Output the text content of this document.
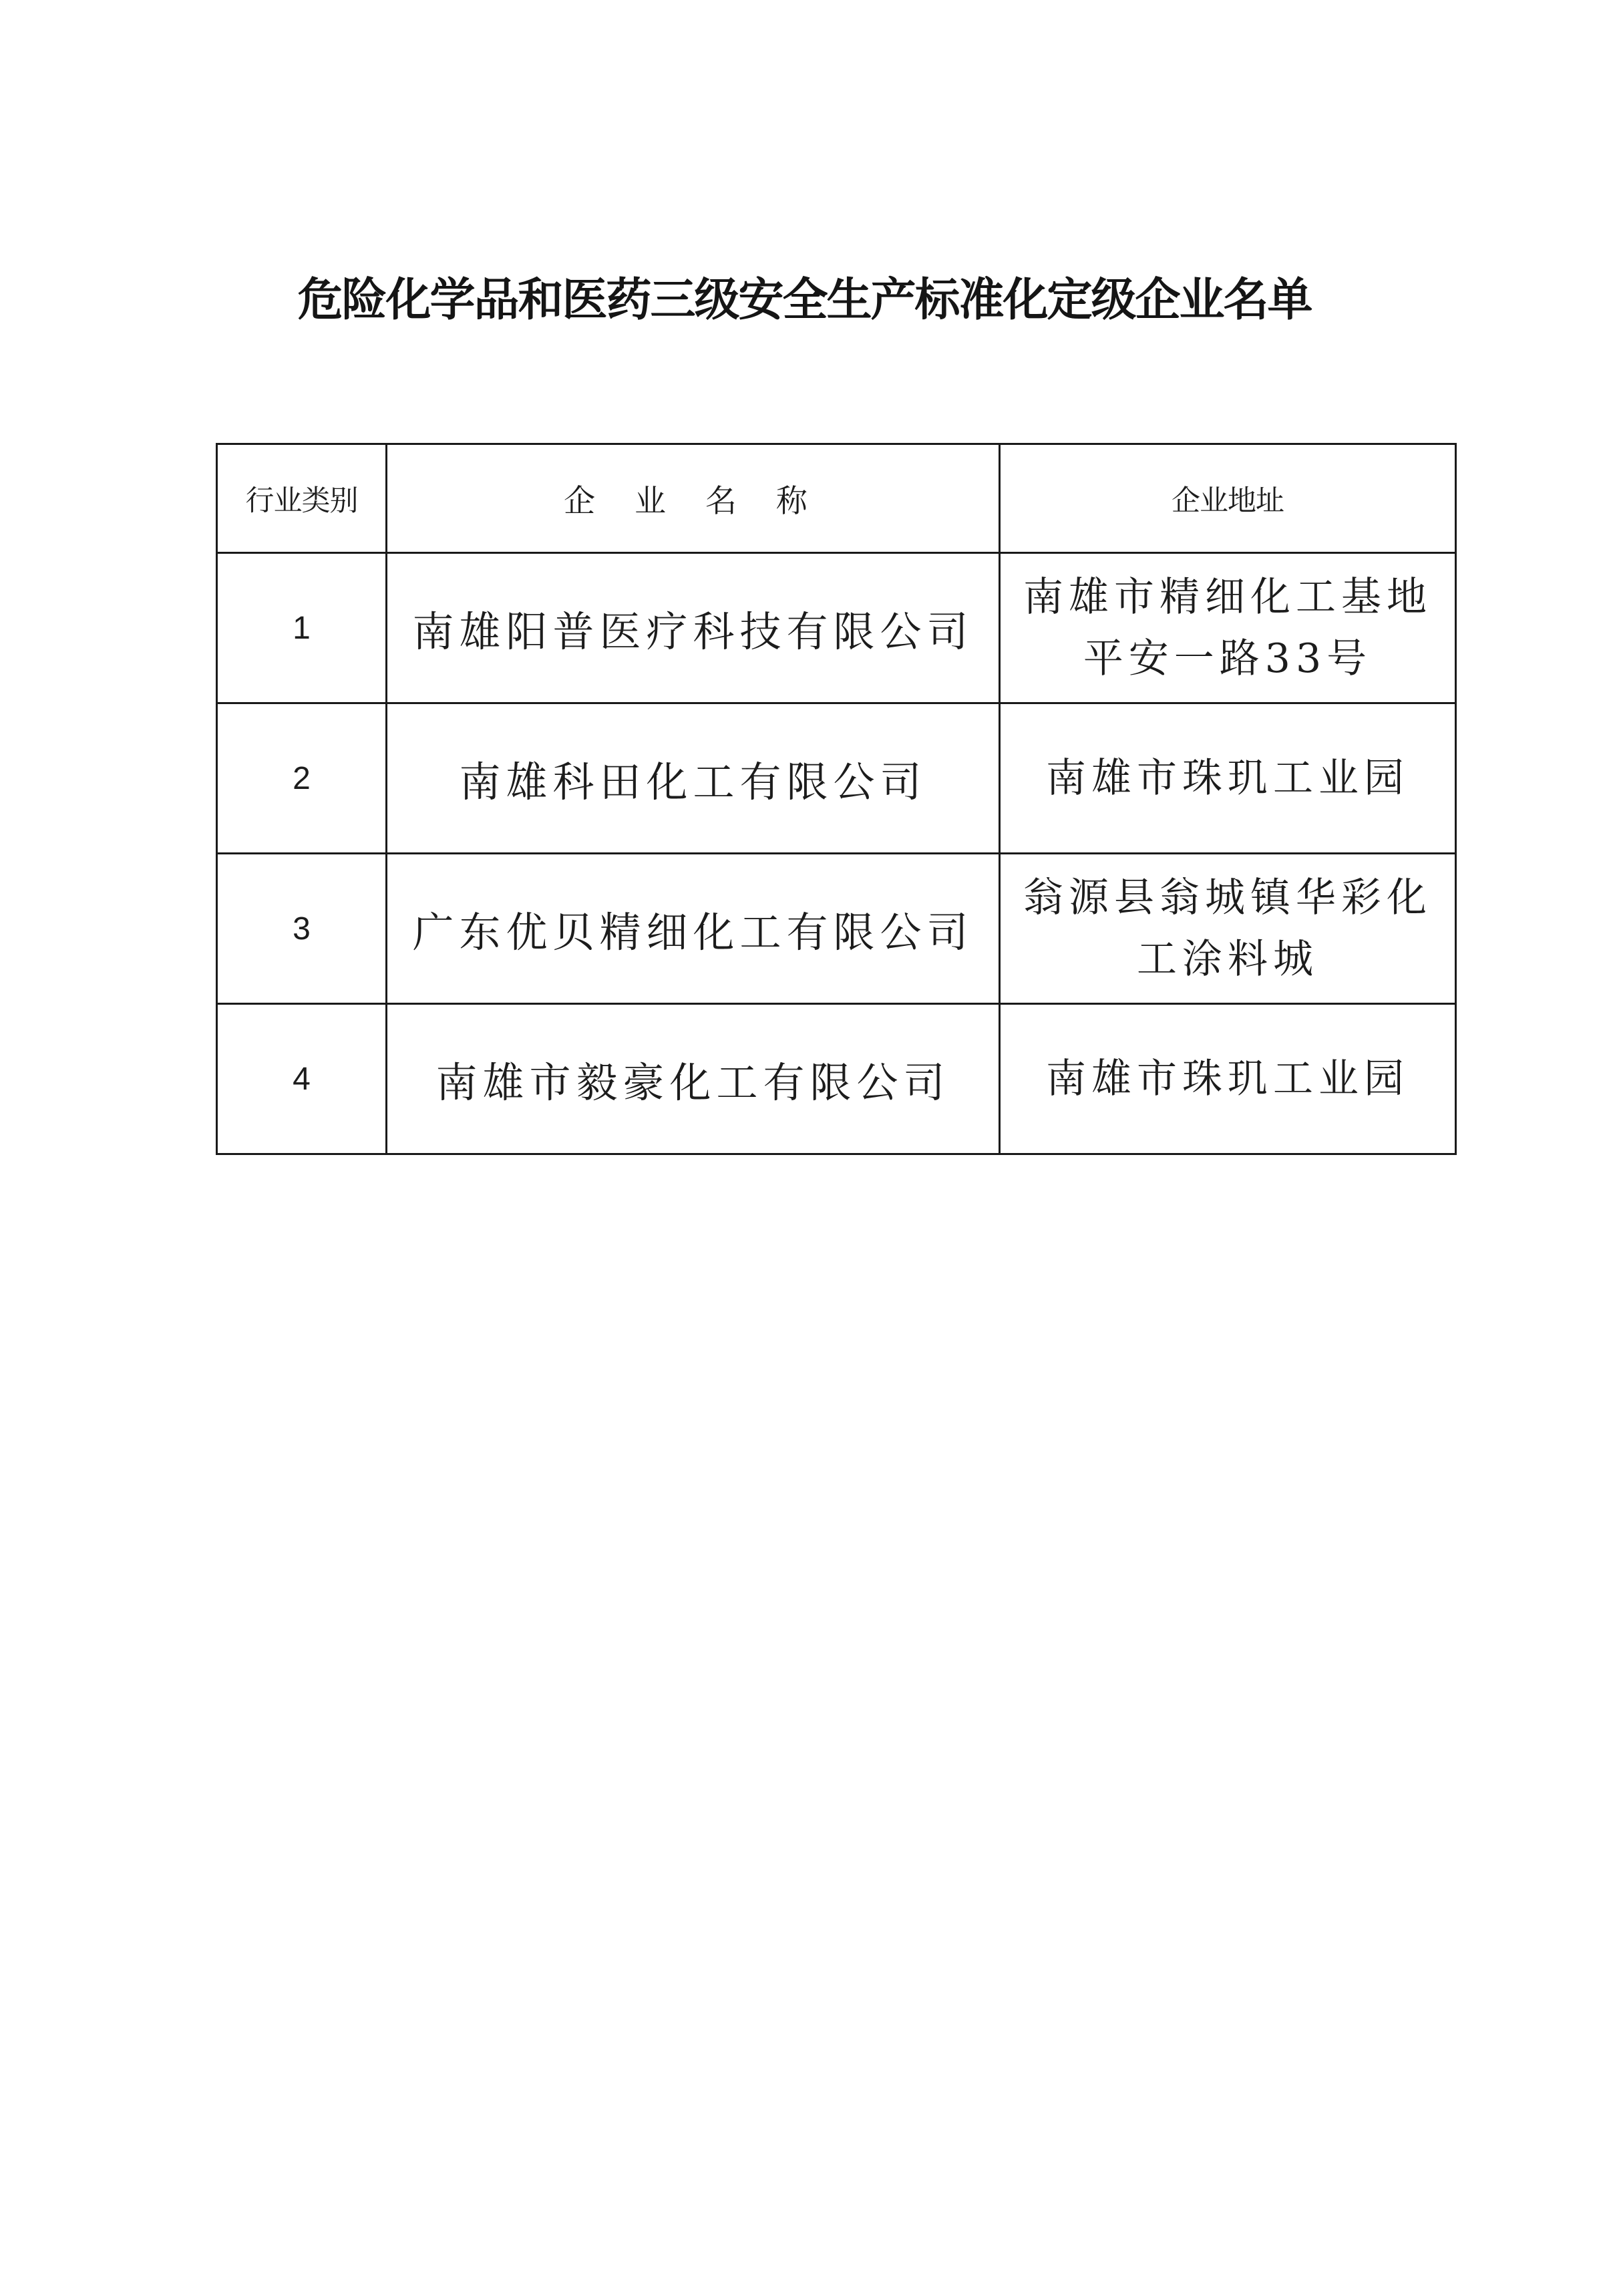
危险化学品和医药三级安全生产标准化定级企业名单
行业类别	企 业 名 称	企业地址
1	南雄阳普医疗科技有限公司	南雄市精细化工基地
平安一路33号

2	南雄科田化工有限公司	南雄市珠玑工业园

3	广东优贝精细化工有限公司	翁源县翁城镇华彩化
工涂料城

4	南雄市毅豪化工有限公司	南雄市珠玑工业园
